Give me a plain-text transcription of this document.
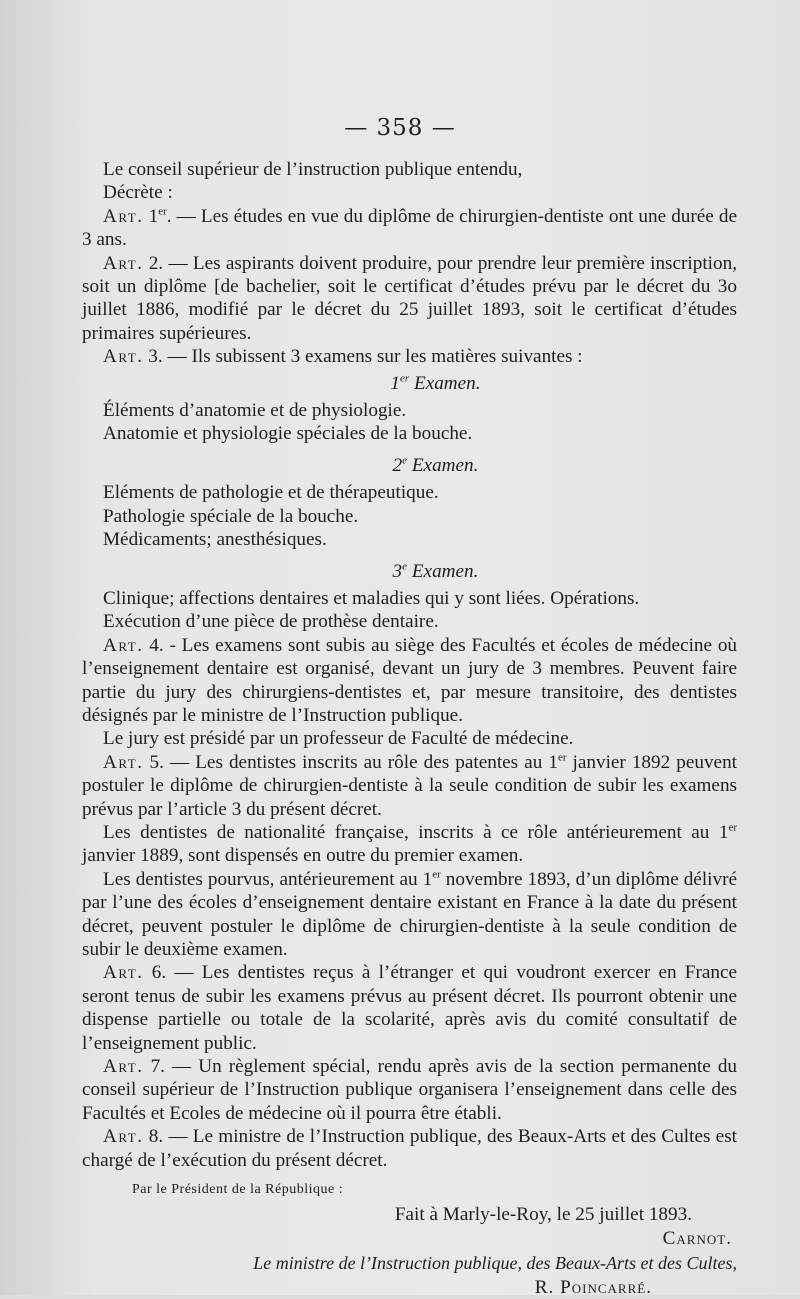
— 358 —

Le conseil supérieur de l’instruction publique entendu,

Décrète :

Art. 1er. — Les études en vue du diplôme de chirurgien-dentiste ont une durée de 3 ans.

Art. 2. — Les aspirants doivent produire, pour prendre leur première inscription, soit un diplôme [de bachelier, soit le certificat d’études prévu par le décret du 3o juillet 1886, modifié par le décret du 25 juillet 1893, soit le certificat d’études primaires supérieures.

Art. 3. — Ils subissent 3 examens sur les matières suivantes :

1er Examen.

Éléments d’anatomie et de physiologie.

Anatomie et physiologie spéciales de la bouche.

2e Examen.

Eléments de pathologie et de thérapeutique.

Pathologie spéciale de la bouche.

Médicaments; anesthésiques.

3e Examen.

Clinique; affections dentaires et maladies qui y sont liées. Opérations.

Exécution d’une pièce de prothèse dentaire.

Art. 4. - Les examens sont subis au siège des Facultés et écoles de médecine où l’enseignement dentaire est organisé, devant un jury de 3 membres. Peuvent faire partie du jury des chirurgiens-dentistes et, par mesure transitoire, des dentistes désignés par le ministre de l’Instruction publique.

Le jury est présidé par un professeur de Faculté de médecine.

Art. 5. — Les dentistes inscrits au rôle des patentes au 1er janvier 1892 peuvent postuler le diplôme de chirurgien-dentiste à la seule condition de subir les examens prévus par l’article 3 du présent décret.

Les dentistes de nationalité française, inscrits à ce rôle antérieurement au 1er janvier 1889, sont dispensés en outre du premier examen.

Les dentistes pourvus, antérieurement au 1er novembre 1893, d’un diplôme délivré par l’une des écoles d’enseignement dentaire existant en France à la date du présent décret, peuvent postuler le diplôme de chirurgien-dentiste à la seule condition de subir le deuxième examen.

Art. 6. — Les dentistes reçus à l’étranger et qui voudront exercer en France seront tenus de subir les examens prévus au présent décret. Ils pourront obtenir une dispense partielle ou totale de la scolarité, après avis du comité consultatif de l’enseignement public.

Art. 7. — Un règlement spécial, rendu après avis de la section permanente du conseil supérieur de l’Instruction publique organisera l’enseignement dans celle des Facultés et Ecoles de médecine où il pourra être établi.

Art. 8. — Le ministre de l’Instruction publique, des Beaux-Arts et des Cultes est chargé de l’exécution du présent décret.

Par le Président de la République :
Fait à Marly-le-Roy, le 25 juillet 1893.
Carnot.
Le ministre de l’Instruction publique, des Beaux-Arts et des Cultes,
R. Poincarré.
